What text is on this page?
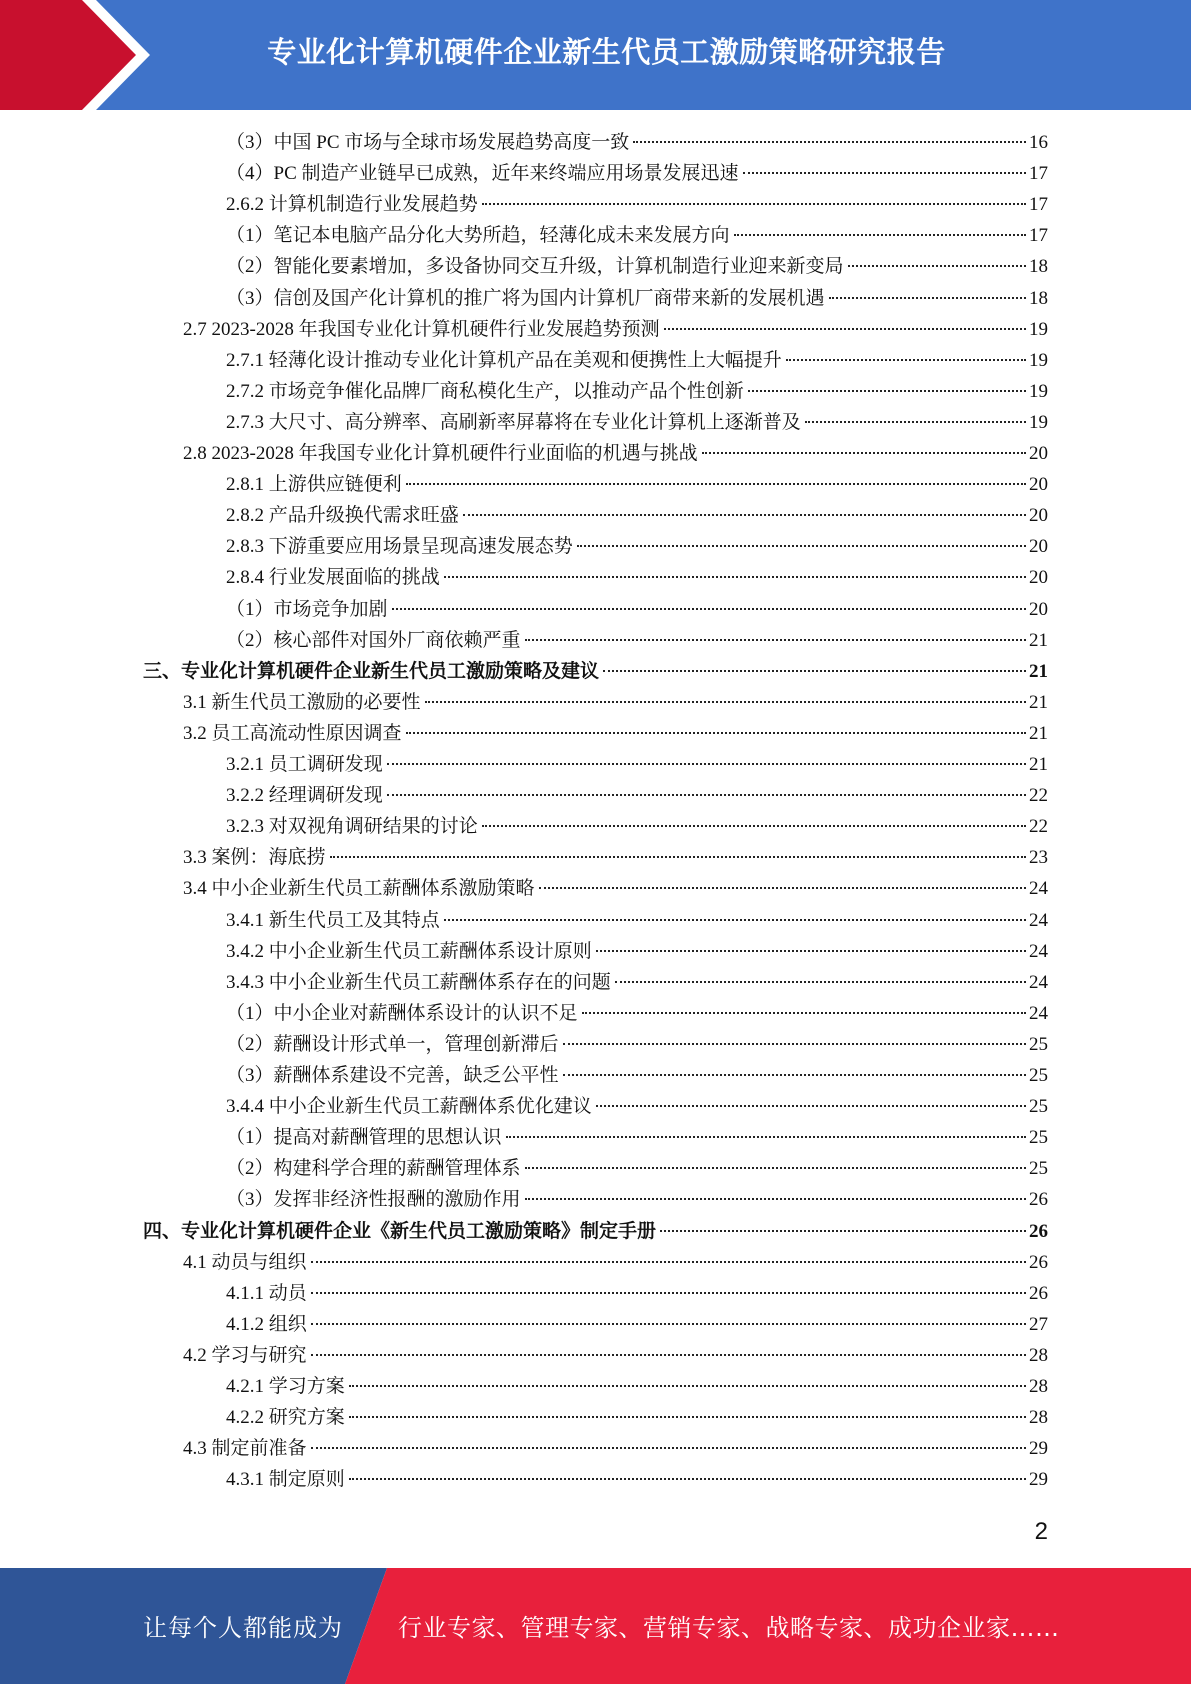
专业化计算机硬件企业新生代员工激励策略研究报告
（3）中国 PC 市场与全球市场发展趋势高度一致	16
（4）PC 制造产业链早已成熟，近年来终端应用场景发展迅速	17
2.6.2 计算机制造行业发展趋势	17
（1）笔记本电脑产品分化大势所趋，轻薄化成未来发展方向	17
（2）智能化要素增加，多设备协同交互升级，计算机制造行业迎来新变局	18
（3）信创及国产化计算机的推广将为国内计算机厂商带来新的发展机遇	18
2.7 2023-2028 年我国专业化计算机硬件行业发展趋势预测	19
2.7.1 轻薄化设计推动专业化计算机产品在美观和便携性上大幅提升	19
2.7.2 市场竞争催化品牌厂商私模化生产，以推动产品个性创新	19
2.7.3 大尺寸、高分辨率、高刷新率屏幕将在专业化计算机上逐渐普及	19
2.8 2023-2028 年我国专业化计算机硬件行业面临的机遇与挑战	20
2.8.1 上游供应链便利	20
2.8.2 产品升级换代需求旺盛	20
2.8.3 下游重要应用场景呈现高速发展态势	20
2.8.4 行业发展面临的挑战	20
（1）市场竞争加剧	20
（2）核心部件对国外厂商依赖严重	21
三、专业化计算机硬件企业新生代员工激励策略及建议	21
3.1 新生代员工激励的必要性	21
3.2 员工高流动性原因调查	21
3.2.1 员工调研发现	21
3.2.2 经理调研发现	22
3.2.3 对双视角调研结果的讨论	22
3.3 案例：海底捞	23
3.4 中小企业新生代员工薪酬体系激励策略	24
3.4.1 新生代员工及其特点	24
3.4.2 中小企业新生代员工薪酬体系设计原则	24
3.4.3 中小企业新生代员工薪酬体系存在的问题	24
（1）中小企业对薪酬体系设计的认识不足	24
（2）薪酬设计形式单一，管理创新滞后	25
（3）薪酬体系建设不完善，缺乏公平性	25
3.4.4 中小企业新生代员工薪酬体系优化建议	25
（1）提高对薪酬管理的思想认识	25
（2）构建科学合理的薪酬管理体系	25
（3）发挥非经济性报酬的激励作用	26
四、专业化计算机硬件企业《新生代员工激励策略》制定手册	26
4.1 动员与组织	26
4.1.1 动员	26
4.1.2 组织	27
4.2 学习与研究	28
4.2.1 学习方案	28
4.2.2 研究方案	28
4.3 制定前准备	29
4.3.1 制定原则	29
2
让每个人都能成为 行业专家、管理专家、营销专家、战略专家、成功企业家……
